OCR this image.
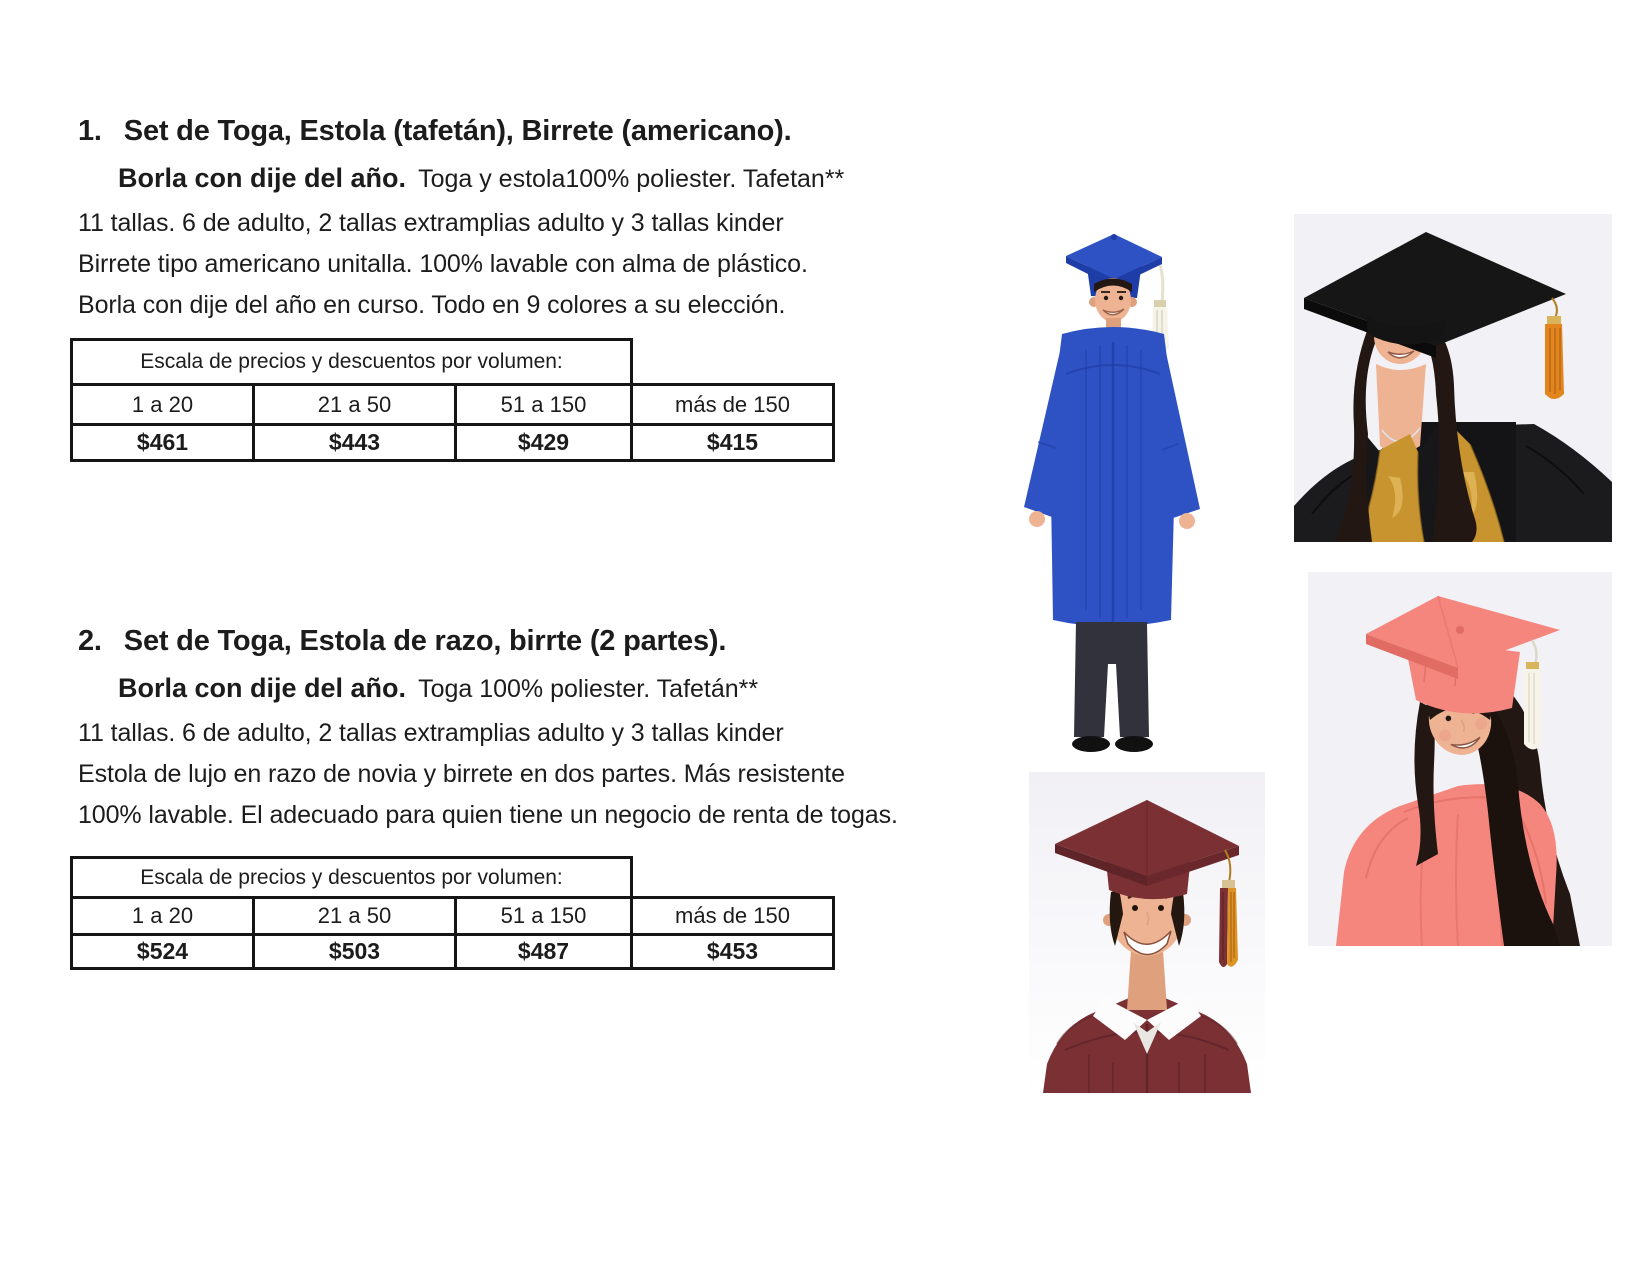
1. Set de Toga, Estola (tafetán), Birrete (americano).

Borla con dije del año. Toga y estola100% poliester. Tafetan**

11 tallas. 6 de adulto, 2 tallas extramplias adulto y 3 tallas kinder

Birrete tipo americano unitalla. 100% lavable con alma de plástico.

Borla con dije del año en curso. Todo en 9 colores a su elección.

Escala de precios y descuentos por volumen:			
1 a 20	21 a 50	51 a 150	más de 150
$461	$443	$429	$415
2. Set de Toga, Estola de razo, birrte (2 partes).

Borla con dije del año. Toga 100% poliester. Tafetán**

11 tallas. 6 de adulto, 2 tallas extramplias adulto y 3 tallas kinder

Estola de lujo en razo de novia y birrete en dos partes. Más resistente

100% lavable. El adecuado para quien tiene un negocio de renta de togas.

Escala de precios y descuentos por volumen:			
1 a 20	21 a 50	51 a 150	más de 150
$524	$503	$487	$453
